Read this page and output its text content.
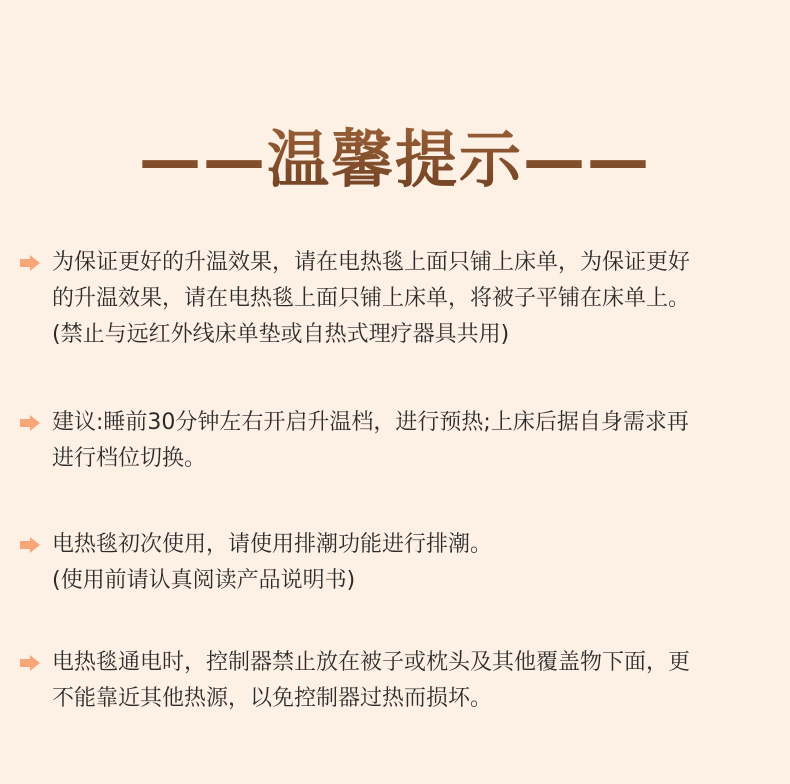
——温馨提示——
为保证更好的升温效果，请在电热毯上面只铺上床单，为保证更好
的升温效果，请在电热毯上面只铺上床单，将被子平铺在床单上。
(禁止与远红外线床单垫或自热式理疗器具共用)
建议:睡前30分钟左右开启升温档，进行预热;上床后据自身需求再
进行档位切换。
电热毯初次使用，请使用排潮功能进行排潮。
(使用前请认真阅读产品说明书)
电热毯通电时，控制器禁止放在被子或枕头及其他覆盖物下面，更
不能靠近其他热源，以免控制器过热而损坏。
